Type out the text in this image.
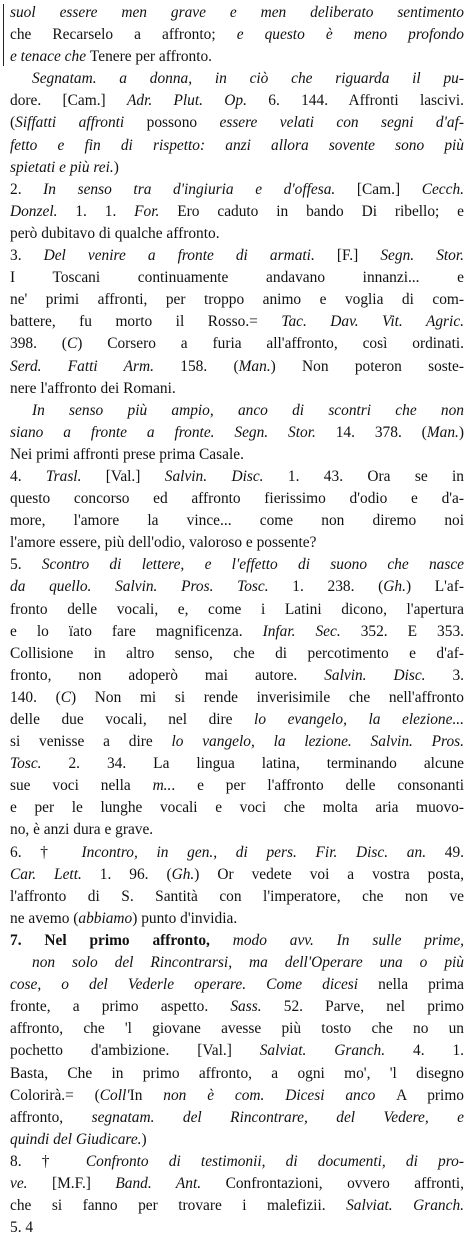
suol essere men grave e men deliberato sentimento
che Recarselo a affronto; e questo è meno profondo
e tenace che Tenere per affronto.
Segnatam. a donna, in ciò che riguarda il pu-
dore. [Cam.] Adr. Plut. Op. 6. 144. Affronti lascivi.
(Siffatti affronti possono essere velati con segni d'af-
fetto e fin di rispetto: anzi allora sovente sono più
spietati e più rei.)
2. In senso tra d'ingiuria e d'offesa. [Cam.] Cecch.
Donzel. 1. 1. For. Ero caduto in bando Di ribello; e
però dubitavo di qualche affronto.
3. Del venire a fronte di armati. [F.] Segn. Stor.
I Toscani continuamente andavano innanzi... e
ne' primi affronti, per troppo animo e voglia di com-
battere, fu morto il Rosso.= Tac. Dav. Vit. Agric.
398. (C) Corsero a furia all'affronto, così ordinati.
Serd. Fatti Arm. 158. (Man.) Non poteron soste-
nere l'affronto dei Romani.
In senso più ampio, anco di scontri che non
siano a fronte a fronte. Segn. Stor. 14. 378. (Man.)
Nei primi affronti prese prima Casale.
4. Trasl. [Val.] Salvin. Disc. 1. 43. Ora se in
questo concorso ed affronto fierissimo d'odio e d'a-
more, l'amore la vince... come non diremo noi
l'amore essere, più dell'odio, valoroso e possente?
5. Scontro di lettere, e l'effetto di suono che nasce
da quello. Salvin. Pros. Tosc. 1. 238. (Gh.) L'af-
fronto delle vocali, e, come i Latini dicono, l'apertura
e lo ïato fare magnificenza. Infar. Sec. 352. E 353.
Collisione in altro senso, che di percotimento e d'af-
fronto, non adoperò mai autore. Salvin. Disc. 3.
140. (C) Non mi si rende inverisimile che nell'affronto
delle due vocali, nel dire lo evangelo, la elezione...
si venisse a dire lo vangelo, la lezione. Salvin. Pros.
Tosc. 2. 34. La lingua latina, terminando alcune
sue voci nella m... e per l'affronto delle consonanti
e per le lunghe vocali e voci che molta aria muovo-
no, è anzi dura e grave.
6. † Incontro, in gen., di pers. Fir. Disc. an. 49.
Car. Lett. 1. 96. (Gh.) Or vedete voi a vostra posta,
l'affronto di S. Santità con l'imperatore, che non ve
ne avemo (abbiamo) punto d'invidia.
7. Nel primo affronto, modo avv. In sulle prime,
non solo del Rincontrarsi, ma dell'Operare una o più
cose, o del Vederle operare. Come dicesi nella prima
fronte, a primo aspetto. Sass. 52. Parve, nel primo
affronto, che 'l giovane avesse più tosto che no un
pochetto d'ambizione. [Val.] Salviat. Granch. 4. 1.
Basta, Che in primo affronto, a ogni mo', 'l disegno
Colorirà.= (Coll'In non è com. Dicesi anco A primo
affronto, segnatam. del Rincontrare, del Vedere, e
quindi del Giudicare.)
8. † Confronto di testimonii, di documenti, di pro-
ve. [M.F.] Band. Ant. Confrontazioni, ovvero affronti,
che si fanno per trovare i malefizii. Salviat. Granch.
5. 4
